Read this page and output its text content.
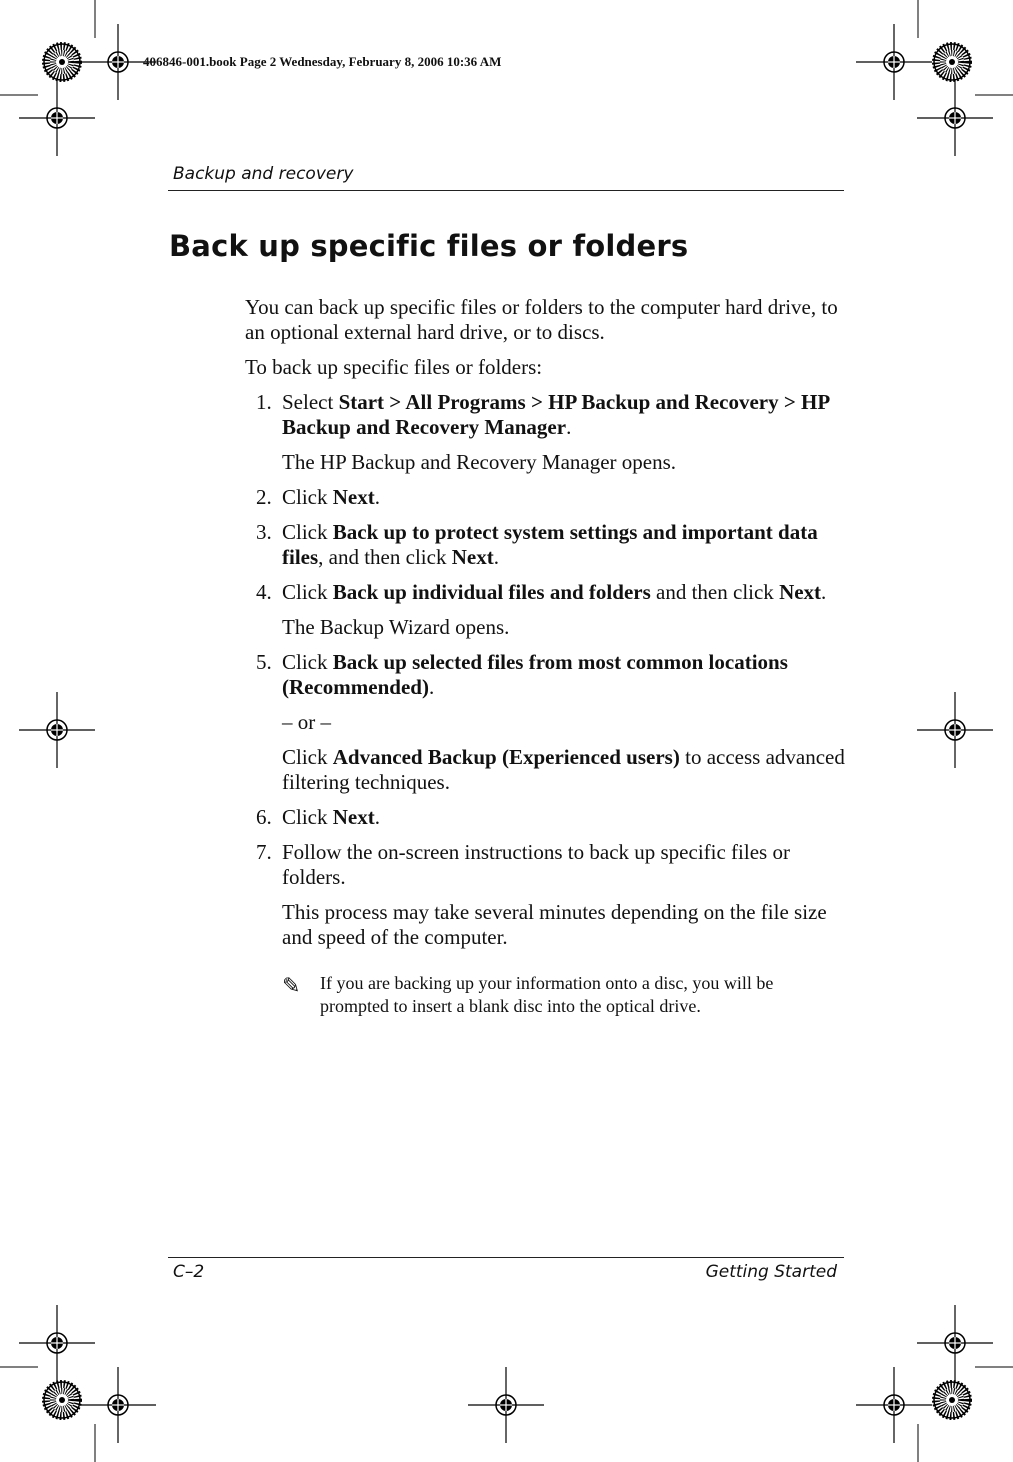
406846-001.book Page 2 Wednesday, February 8, 2006 10:36 AM
Backup and recovery
Back up specific files or folders

You can back up specific files or folders to the computer hard drive, to an optional external hard drive, or to discs.

To back up specific files or folders:

1. Select Start > All Programs > HP Backup and Recovery > HP Backup and Recovery Manager.

The HP Backup and Recovery Manager opens.

2. Click Next.

3. Click Back up to protect system settings and important data files, and then click Next.

4. Click Back up individual files and folders and then click Next.

The Backup Wizard opens.

5. Click Back up selected files from most common locations (Recommended).

– or –

Click Advanced Backup (Experienced users) to access advanced filtering techniques.

6. Click Next.

7. Follow the on-screen instructions to back up specific files or folders.

This process may take several minutes depending on the file size and speed of the computer.

✎	If you are backing up your information onto a disc, you will be prompted to insert a blank disc into the optical drive.
C–2	Getting Started
